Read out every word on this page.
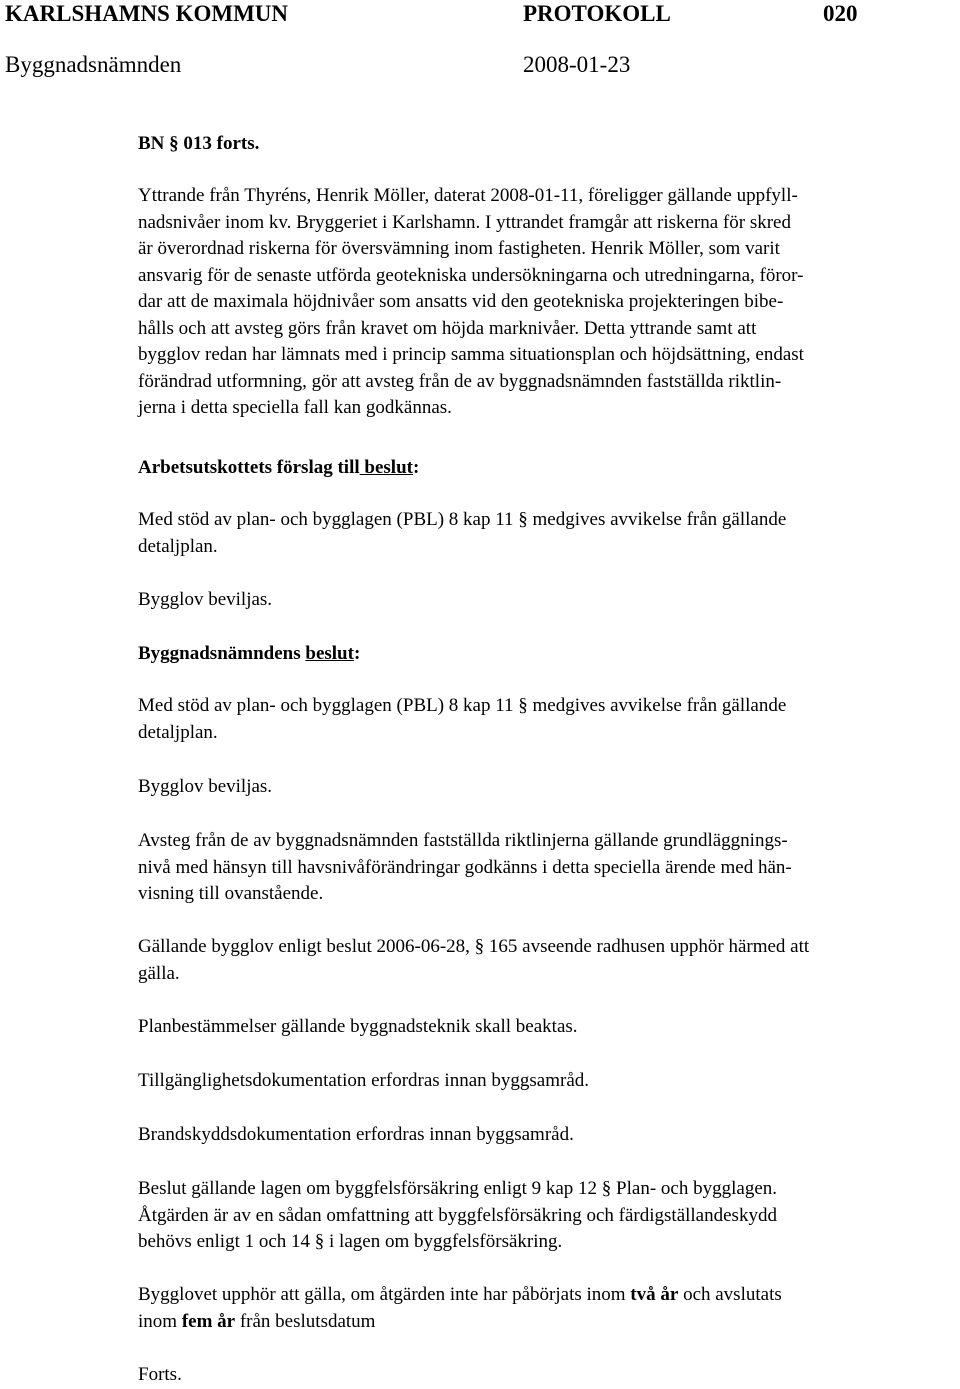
KARLSHAMNS KOMMUN	PROTOKOLL	020
Byggnadsnämnden	2008-01-23
BN § 013 forts.
Yttrande från Thyréns, Henrik Möller, daterat 2008-01-11, föreligger gällande uppfyll-
nadsnivåer inom kv. Bryggeriet i Karlshamn. I yttrandet framgår att riskerna för skred
är överordnad riskerna för översvämning inom fastigheten. Henrik Möller, som varit
ansvarig för de senaste utförda geotekniska undersökningarna och utredningarna, föror-
dar att de maximala höjdnivåer som ansatts vid den geotekniska projekteringen bibe-
hålls och att avsteg görs från kravet om höjda marknivåer. Detta yttrande samt att
bygglov redan har lämnats med i princip samma situationsplan och höjdsättning, endast
förändrad utformning, gör att avsteg från de av byggnadsnämnden fastställda riktlin-
jerna i detta speciella fall kan godkännas.
Arbetsutskottets förslag till beslut:
Med stöd av plan- och bygglagen (PBL) 8 kap 11 § medgives avvikelse från gällande
detaljplan.
Bygglov beviljas.
Byggnadsnämndens beslut:
Med stöd av plan- och bygglagen (PBL) 8 kap 11 § medgives avvikelse från gällande
detaljplan.
Bygglov beviljas.
Avsteg från de av byggnadsnämnden fastställda riktlinjerna gällande grundläggnings-
nivå med hänsyn till havsnivåförändringar godkänns i detta speciella ärende med hän-
visning till ovanstående.
Gällande bygglov enligt beslut 2006-06-28, § 165 avseende radhusen upphör härmed att
gälla.
Planbestämmelser gällande byggnadsteknik skall beaktas.
Tillgänglighetsdokumentation erfordras innan byggsamråd.
Brandskyddsdokumentation erfordras innan byggsamråd.
Beslut gällande lagen om byggfelsförsäkring enligt 9 kap 12 § Plan- och bygglagen.
Åtgärden är av en sådan omfattning att byggfelsförsäkring och färdigställandeskydd
behövs enligt 1 och 14 § i lagen om byggfelsförsäkring.
Bygglovet upphör att gälla, om åtgärden inte har påbörjats inom två år och avslutats
inom fem år från beslutsdatum
Forts.
